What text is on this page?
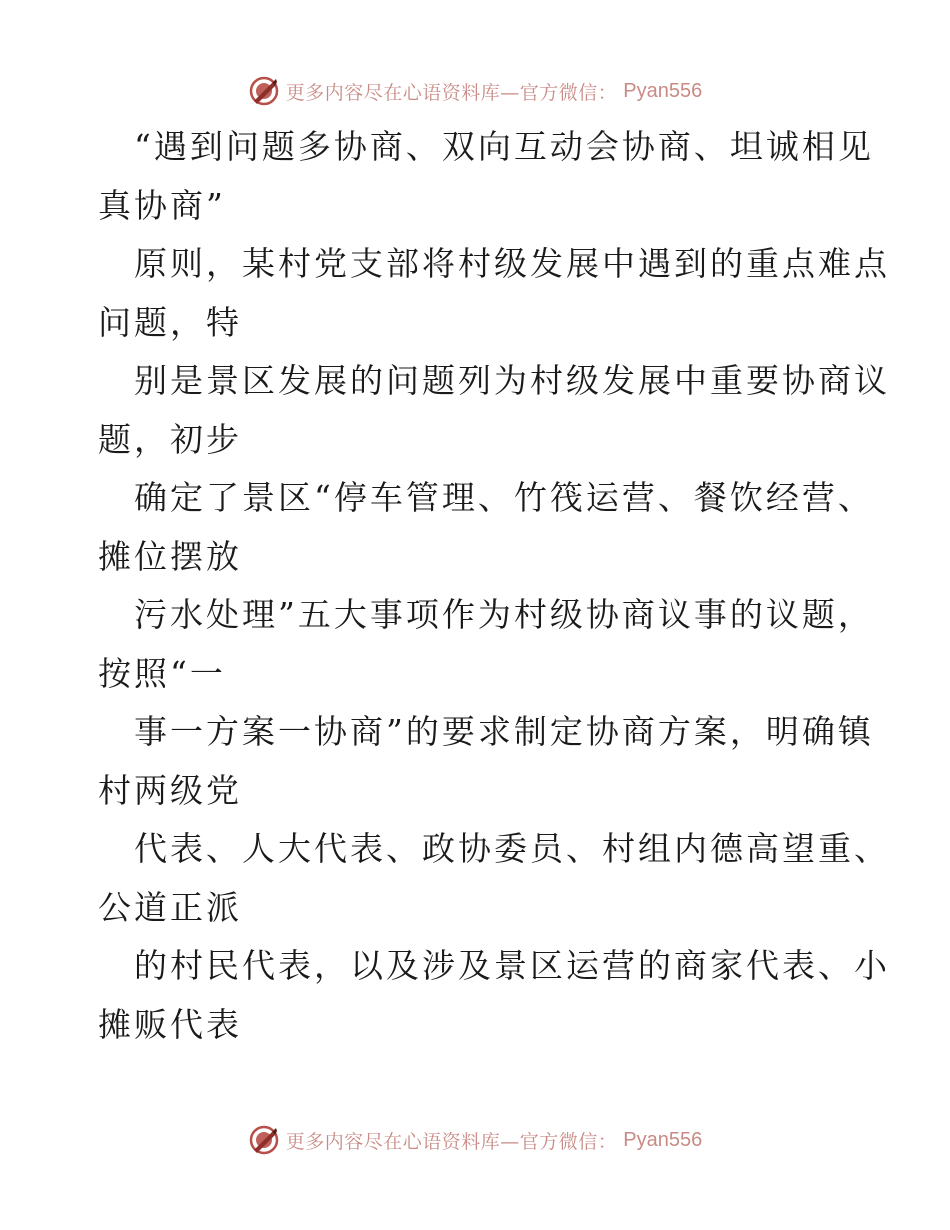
更多内容尽在心语资料库—官方微信： Pyan556
“遇到问题多协商、双向互动会协商、坦诚相见
真协商”
原则，某村党支部将村级发展中遇到的重点难点
问题，特
别是景区发展的问题列为村级发展中重要协商议
题，初步
确定了景区“停车管理、竹筏运营、餐饮经营、
摊位摆放
污水处理”五大事项作为村级协商议事的议题，
按照“一
事一方案一协商”的要求制定协商方案，明确镇
村两级党
代表、人大代表、政协委员、村组内德高望重、
公道正派
的村民代表，以及涉及景区运营的商家代表、小
摊贩代表
更多内容尽在心语资料库—官方微信： Pyan556
